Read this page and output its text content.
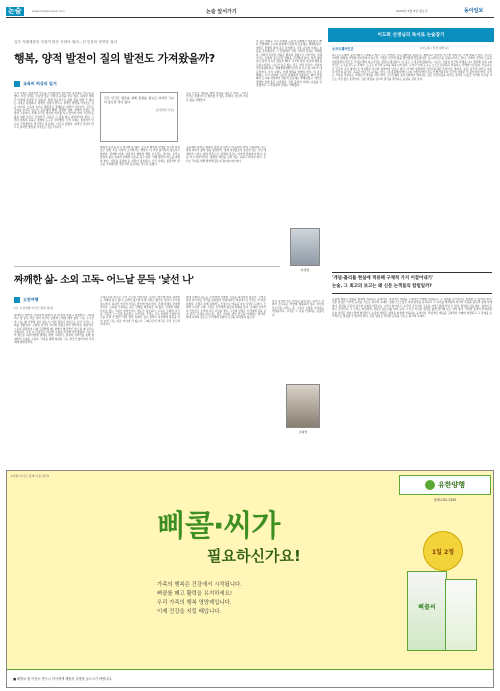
논술	www.midsnonsul.com	논술 앞서가기	2009년 5월 8일 월요일	동아일보
일부 지배계층의 특권이 많은 사람의 권리…진 인류의 당연한 권리
행복, 양적 발전이 질의 발전도 가져왔을까?
교육비 허상의 일거
우리 사회는 물질적인 빈곤을 극복했지만 정신적인 풍요에는 이르지 못했다. 이런 주장은 오늘날 많은 이들의 공감을 얻고 있다. 하지만 행복은 어떻게 측정할 수 있을까. 경제 지표만으로 삶의 질을 말할 수 없다는 사실은 분명하다. 양적인 성장이 반드시 질적인 발전을 가져오는 것은 아니며, 소득이 늘어도 행복감은 정체되는 현상이 나타난다. 우리는 무엇을 놓치고 있는가. 공동체의 해체, 경쟁의 심화, 관계의 단절은 성장의 그늘이다. 이제 우리는 발전의 의미를 다시 물어야 한다. 인간다운 삶을 위한 조건은 무엇인가. 교육은 그 답을 찾는 과정이어야 한다. 그러나 현실의 교육은 경쟁의 도구로 전락했다. 우리 사회는 물질적인 빈곤을 극복했지만 정신적인 풍요에는 이르지 못했다. 양적인 성장이 반드시 질적인 발전을 가져오는 것은 아니다.
모든 인간은 생존을 위해 물질을 필요로 하지만 그보다 중요한 것이 있다.
[칼럼에서 인용]
행복의 조건을 다시 생각해 볼 때다. 소득과 행복의 관계를 연구한 학자들은 일정 수준 이상의 소득에서는 행복이 더 이상 증가하지 않는다고 말한다. 관계와 의미, 자율성이 행복의 핵심 요소라는 것이다. 우리는 물질의 풍요 속에서 관계의 빈곤을 겪고 있다. 이제 발전의 척도를 바꿔야 한다. 사람을 중심에 둔 성장이 필요하다. 우리 사회는 물질적인 빈곤을 극복했지만 정신적인 풍요에는 이르지 못했다.
공동체의 회복은 행복의 전제 조건이다. 이웃과의 관계, 가족과의 시간, 일의 의미가 삶의 질을 결정한다. 경제 성장률보다 중요한 것은 국민 개개인이 느끼는 삶의 만족도다. 정책의 목표도 여기에 맞춰져야 한다. 교육 역시 마찬가지다. 행복한 개인을 길러 내는 교육이 되어야 한다. 우리는 무엇을 위해 발전해 왔는지 돌아보아야 한다.
모든 인간은 생존을 위해 물질을 필요로 한다. 그러나 인간은 물질만으로 행복할 수 없는 존재다. 정신적 가치가 삶을 지탱한다.
이 같은 변화는 우리 사회의 구조적 문제에서 비롯된다. 빠른 산업화와 도시화 과정에서 전통적 공동체는 해체되었고, 개인은 경쟁의 장에 홀로 남겨졌다. 성장 중심의 사회는 효율을 강조했지만, 그 과정에서 사람 사이의 신뢰는 약해졌다. 사회적 자본의 결핍은 행복의 결핍으로 이어진다. 이제 우리는 성장의 속도보다 방향을 고민해야 한다. 양적 팽창보다 질적 성숙이 필요한 때다. 국가의 발전 지표에 행복을 포함시키려는 시도가 늘고 있는 것도 이런 이유다. 부탄의 국민총행복지수, 경제협력개발기구의 더 나은 삶 지수가 대표적이다. 우리 사회도 이제 행복을 말해야 한다. 이 같은 변화는 우리 사회의 구조적 문제에서 비롯된다. 빠른 산업화와 도시화 과정에서 전통적 공동체는 해체되었고, 개인은 경쟁의 장에 홀로 남겨졌다. 성장 중심의 사회는 효율을 강조했지만 그 과정에서 신뢰는 약해졌다.
최정현
이도희 선생님의 독서로 논술잡기
소프트웨어인간	[이도희 / 부산대학교]
(1) 소프트웨어 중심사회가 도래하고 있다. 모든 산업이 소프트웨어를 중심으로 재편되고 있으며, 인간의 일자리도 크게 변하고 있다. 우리는 이러한 변화를 어떻게 받아들여야 하는가. 기술은 인간의 삶을 편리하게 만들었지만, 동시에 인간을 소외시키기도 한다. 기계가 인간의 노동을 대신하면서 인간은 무엇을 해야 하는가라는 질문이 제기된다. 이 글은 그 질문에 답하려는 시도다. 기술과 인간의 관계를 다시 생각해 보자. (2) 인간은 도구를 만드는 존재다. 도구는 인간의 능력을 확장시켜 왔다. 그러나 이제 도구는 스스로 판단하고 학습하는 단계에 이르렀다. 인공지능은 인간의 고유 영역으로 여겨졌던 사고의 영역까지 넘보고 있다. 이러한 상황에서 인간다움이란 무엇인가. 창의성, 공감, 윤리적 판단은 여전히 인간의 몫이다. 교육은 바로 이 능력을 기르는 데 집중해야 한다. (3) 기술의 발전 속도가 빨라질수록 인간의 성찰은 더 깊어져야 한다. 우리는 기술을 사용하는 주체로서 책임을 져야 한다. 소프트웨어 중심사회에서 살아남는 길은 인간다움을 지키는 것이다. 논술은 이러한 사고를 기르는 가장 좋은 훈련이다. 신문 칼럼을 읽으며 생각을 정리하는 습관을 길러 보자.
'개념-틀리를 현실에 적용해 구체적 가지 이끌어내기'
논술, 그 최고의 보고는 왜 신문 논객들의 칼럼일까?
논술의 핵심은 개념을 현실에 적용하는 능력이다. 추상적인 개념을 구체적인 사례와 연결하고, 그 관계를 논리적으로 설명할 수 있어야 한다. 신문 칼럼은 이러한 능력을 기르는 최고의 교재다. 칼럼니스트들은 사회 현상을 분석하고 그 의미를 해석하며 자신의 주장을 설득력 있게 전개한다. 칼럼을 꾸준히 읽으면 사회를 바라보는 시각이 넓어지고, 논리적 글쓰기의 구조를 자연스럽게 익힐 수 있다. 칼럼을 읽을 때는 필자의 주장이 무엇인지, 그 근거는 타당한지, 반론은 없는지를 따져 보자. 그리고 자신의 생각을 짧게 정리해 보는 것이 좋다. 이러한 훈련이 반복되면 논술 실력은 자연스럽게 향상된다. 논술의 핵심은 개념을 현실에 적용하는 능력이다. 추상적인 개념을 구체적인 사례와 연결하고 그 관계를 논리적으로 설명할 수 있어야 한다. 신문 칼럼은 이러한 능력을 기르는 최고의 교재다.
짜깨한 삶- 소외 고독- 어느날 문득 '낯선 나'
고전여행
[글: 고전여행 시리즈 관련 필자]
현대인은 바쁘다. 아침부터 밤까지 쉴 새 없이 일하고 경쟁한다. 그런데 어느 날 문득 거울 속의 자신이 낯설게 느껴질 때가 있다. 나는 누구인가, 나는 왜 이렇게 살고 있는가. 이런 질문이 떠오르는 순간 우리는 소외를 경험한다. 소외란 인간이 자신의 본질로부터 멀어지는 현상이다. 노동의 결과물이 나와 무관해질 때, 관계가 형식적인 것이 될 때 우리는 소외된다. 고전 속 인물들은 이러한 소외를 어떻게 마주했을까. 카프카의 변신은 하루아침에 벌레로 변한 그레고르 잠자의 이야기를 통해 현대인의 소외를 그린다. 가족을 위해 일하던 그는 쓸모가 없어지자 가족에게 외면당한다.
그레고르의 비극은 우리 모두의 이야기다. 우리는 쓸모에 따라 평가받는 사회에 살고 있다. 능력이 없으면 존재 가치도 없다는 생각이 우리를 짓누른다. 하지만 인간의 가치는 쓸모에 있지 않다. 존재 자체로 존엄한 것이다. 소외를 극복하는 길은 관계를 회복하는 데 있다. 진정한 대화, 서로를 있는 그대로 받아들이는 태도가 필요하다. 고독은 소외와 다르다. 고독은 스스로를 돌아보는 시간이다. 우리는 고독 속에서 진정한 자신을 만날 수 있다. 바쁜 일상 속에서 잠시 멈추어 자신에게 질문을 던져 보자. 나는 지금 어디에 서 있는가. 그레고르의 비극은 우리 모두의 이야기다.
현대 사회의 속도는 우리에게 성찰의 시간을 허락하지 않는다. 스마트폰과 인터넷은 우리를 끊임없이 연결하지만 역설적으로 우리는 더 외로워졌다. 수많은 관계 속에서도 진정으로 마음을 나눌 사람은 드물다. 소외와 고독의 시대, 고전은 우리에게 위로와 통찰을 준다. 오래된 이야기 속 인물들은 우리와 같은 고민을 했고, 그들의 선택은 우리에게 길을 보여 준다. 고전을 읽는다는 것은 시대를 넘어 인간을 이해하는 일이다. 현대 사회의 속도는 우리에게 성찰의 시간을 허락하지 않는다.
결국 중요한 것은 자신을 잃지 않는 것이다. 사회가 요구하는 역할에 매몰되지 않고 자신의 목소리를 지키는 것, 그것이 소외를 이겨내는 첫걸음이다. 고전은 그 길을 안내하는 등불이다.
조희영
[비행 사이즈 휴게 이용 알리]
유한양행
판매:102-1200
삐콜·씨가
필요하신가요!
가족의 행복은 건강에서 시작됩니다.
삐콜를 꽤고 활력을 유지하세요!
우리 가족의 행복 영양제입니다.
이제 건강을 지킬 때입니다.
1일 2정
삐콜씨
■ 삐콜씨 합 이용시 반드시 약사에게 제품의 설명을 들으시기 바랍니다.
